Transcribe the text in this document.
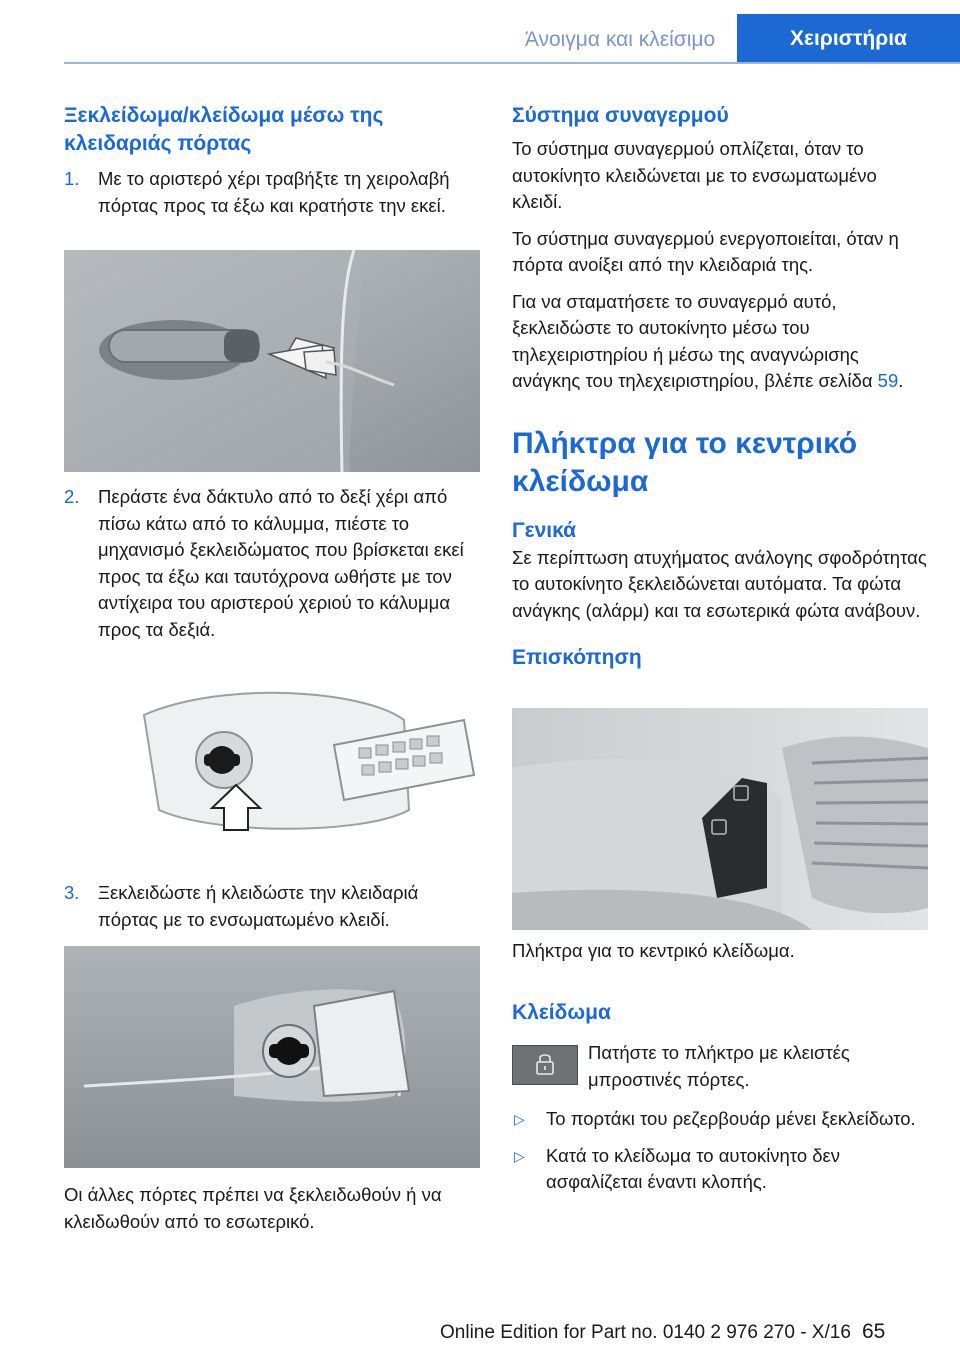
Άνοιγμα και κλείσιμο	Χειριστήρια
Ξεκλείδωμα/κλείδωμα μέσω της κλειδαριάς πόρτας
1. Με το αριστερό χέρι τραβήξτε τη χειρολαβή πόρτας προς τα έξω και κρατήστε την εκεί.
2. Περάστε ένα δάκτυλο από το δεξί χέρι από πίσω κάτω από το κάλυμμα, πιέστε το μηχανισμό ξεκλειδώματος που βρίσκεται εκεί προς τα έξω και ταυτόχρονα ωθήστε με τον αντίχειρα του αριστερού χεριού το κάλυμμα προς τα δεξιά.
3. Ξεκλειδώστε ή κλειδώστε την κλειδαριά πόρτας με το ενσωματωμένο κλειδί.

Οι άλλες πόρτες πρέπει να ξεκλειδωθούν ή να κλειδωθούν από το εσωτερικό.

Σύστημα συναγερμού

Το σύστημα συναγερμού οπλίζεται, όταν το αυτοκίνητο κλειδώνεται με το ενσωματωμένο κλειδί.

Το σύστημα συναγερμού ενεργοποιείται, όταν η πόρτα ανοίξει από την κλειδαριά της.

Για να σταματήσετε το συναγερμό αυτό, ξεκλειδώστε το αυτοκίνητο μέσω του τηλεχειριστηρίου ή μέσω της αναγνώρισης ανάγκης του τηλεχειριστηρίου, βλέπε σελίδα 59.

Πλήκτρα για το κεντρικό κλείδωμα
Γενικά

Σε περίπτωση ατυχήματος ανάλογης σφοδρότητας το αυτοκίνητο ξεκλειδώνεται αυτόματα. Τα φώτα ανάγκης (αλάρμ) και τα εσωτερικά φώτα ανάβουν.

Επισκόπηση

Πλήκτρα για το κεντρικό κλείδωμα.

Κλείδωμα

Πατήστε το πλήκτρο με κλειστές μπροστινές πόρτες.

▷ Το πορτάκι του ρεζερβουάρ μένει ξεκλείδωτο.
▷ Κατά το κλείδωμα το αυτοκίνητο δεν ασφαλίζεται έναντι κλοπής.
Online Edition for Part no. 0140 2 976 270 - X/16 65
